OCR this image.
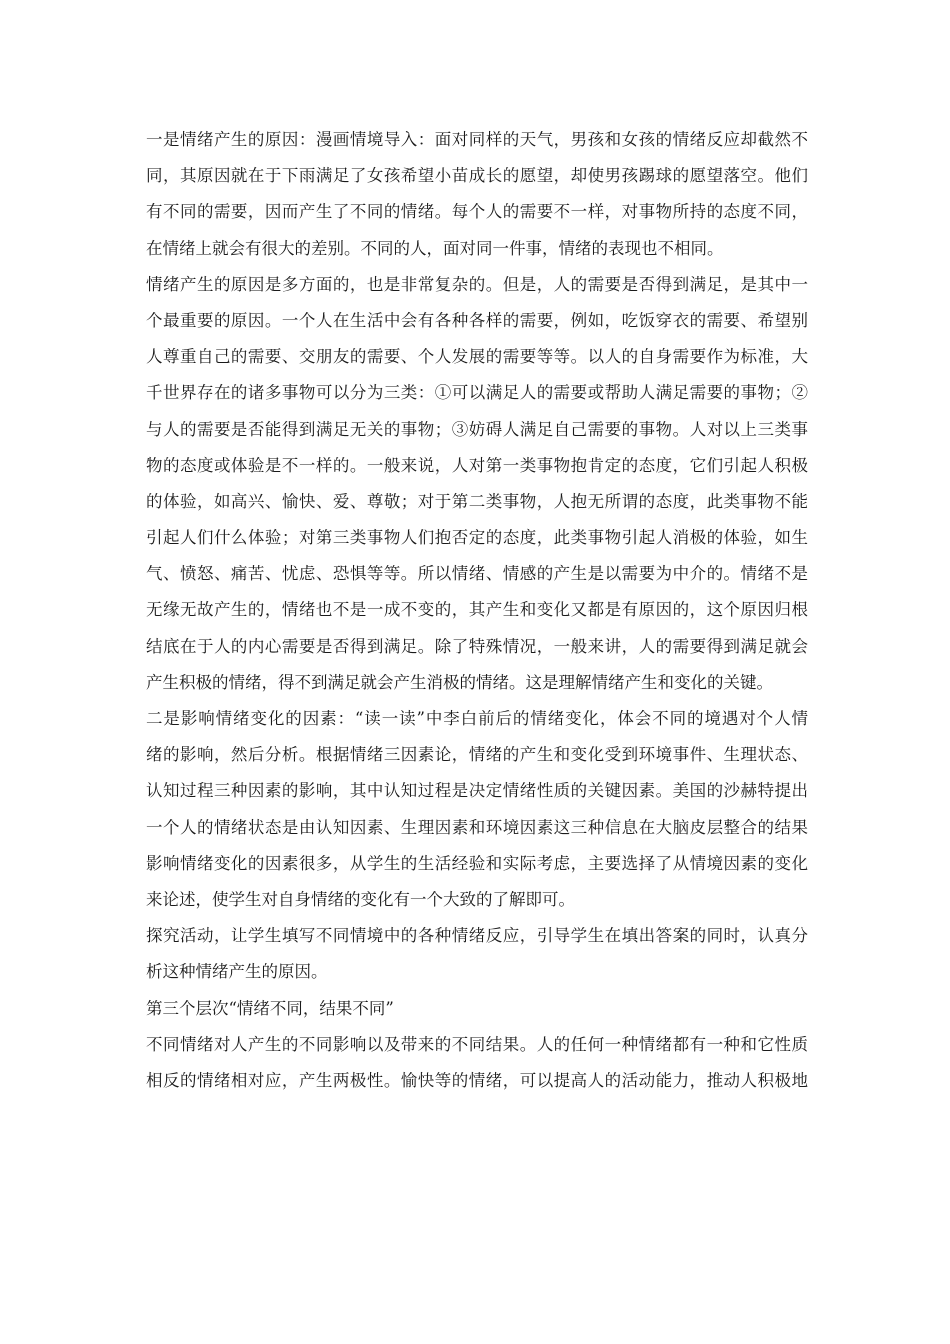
一是情绪产生的原因：漫画情境导入：面对同样的天气，男孩和女孩的情绪反应却截然不
同，其原因就在于下雨满足了女孩希望小苗成长的愿望，却使男孩踢球的愿望落空。他们
有不同的需要，因而产生了不同的情绪。每个人的需要不一样，对事物所持的态度不同，
在情绪上就会有很大的差别。不同的人，面对同一件事，情绪的表现也不相同。
情绪产生的原因是多方面的，也是非常复杂的。但是，人的需要是否得到满足，是其中一
个最重要的原因。一个人在生活中会有各种各样的需要，例如，吃饭穿衣的需要、希望别
人尊重自己的需要、交朋友的需要、个人发展的需要等等。以人的自身需要作为标准，大
千世界存在的诸多事物可以分为三类：①可以满足人的需要或帮助人满足需要的事物；②
与人的需要是否能得到满足无关的事物；③妨碍人满足自己需要的事物。人对以上三类事
物的态度或体验是不一样的。一般来说，人对第一类事物抱肯定的态度，它们引起人积极
的体验，如高兴、愉快、爱、尊敬；对于第二类事物，人抱无所谓的态度，此类事物不能
引起人们什么体验；对第三类事物人们抱否定的态度，此类事物引起人消极的体验，如生
气、愤怒、痛苦、忧虑、恐惧等等。所以情绪、情感的产生是以需要为中介的。情绪不是
无缘无故产生的，情绪也不是一成不变的，其产生和变化又都是有原因的，这个原因归根
结底在于人的内心需要是否得到满足。除了特殊情况，一般来讲，人的需要得到满足就会
产生积极的情绪，得不到满足就会产生消极的情绪。这是理解情绪产生和变化的关键。
二是影响情绪变化的因素：“读一读”中李白前后的情绪变化，体会不同的境遇对个人情
绪的影响，然后分析。根据情绪三因素论，情绪的产生和变化受到环境事件、生理状态、
认知过程三种因素的影响，其中认知过程是决定情绪性质的关键因素。美国的沙赫特提出
一个人的情绪状态是由认知因素、生理因素和环境因素这三种信息在大脑皮层整合的结果
影响情绪变化的因素很多，从学生的生活经验和实际考虑，主要选择了从情境因素的变化
来论述，使学生对自身情绪的变化有一个大致的了解即可。
探究活动，让学生填写不同情境中的各种情绪反应，引导学生在填出答案的同时，认真分
析这种情绪产生的原因。
第三个层次“情绪不同，结果不同”
不同情绪对人产生的不同影响以及带来的不同结果。人的任何一种情绪都有一种和它性质
相反的情绪相对应，产生两极性。愉快等的情绪，可以提高人的活动能力，推动人积极地
